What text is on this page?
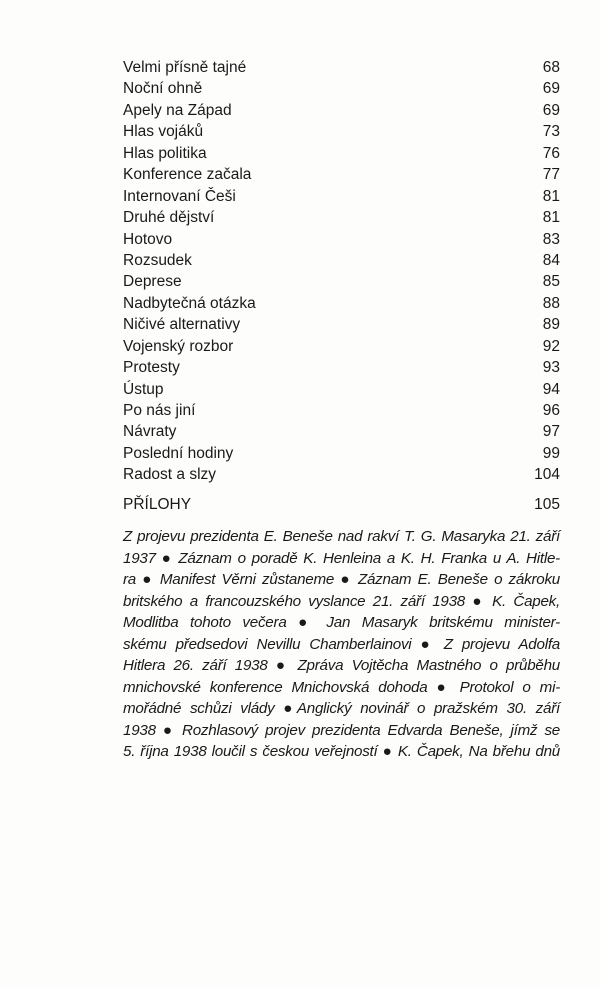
Velmi přísně tajné	68
Noční ohně	69
Apely na Západ	69
Hlas vojáků	73
Hlas politika	76
Konference začala	77
Internovaní Češi	81
Druhé dějství	81
Hotovo	83
Rozsudek	84
Deprese	85
Nadbytečná otázka	88
Ničivé alternativy	89
Vojenský rozbor	92
Protesty	93
Ústup	94
Po nás jiní	96
Návraty	97
Poslední hodiny	99
Radost a slzy	104
PŘÍLOHY	105
Z projevu prezidenta E. Beneše nad rakví T. G. Masaryka 21. září
1937 ● Záznam o poradě K. Henleina a K. H. Franka u A. Hitle-
ra ● Manifest Věrni zůstaneme ● Záznam E. Beneše o zákroku
britského a francouzského vyslance 21. září 1938 ● K. Čapek,
Modlitba tohoto večera ● Jan Masaryk britskému minister-
skému předsedovi Nevillu Chamberlainovi ● Z projevu Adolfa
Hitlera 26. září 1938 ● Zpráva Vojtěcha Mastného o průběhu
mnichovské konference Mnichovská dohoda ● Protokol o mi-
mořádné schůzi vlády ●Anglický novinář o pražském 30. září
1938 ● Rozhlasový projev prezidenta Edvarda Beneše, jímž se
5. října 1938 loučil s českou veřejností ● K. Čapek, Na břehu dnů
